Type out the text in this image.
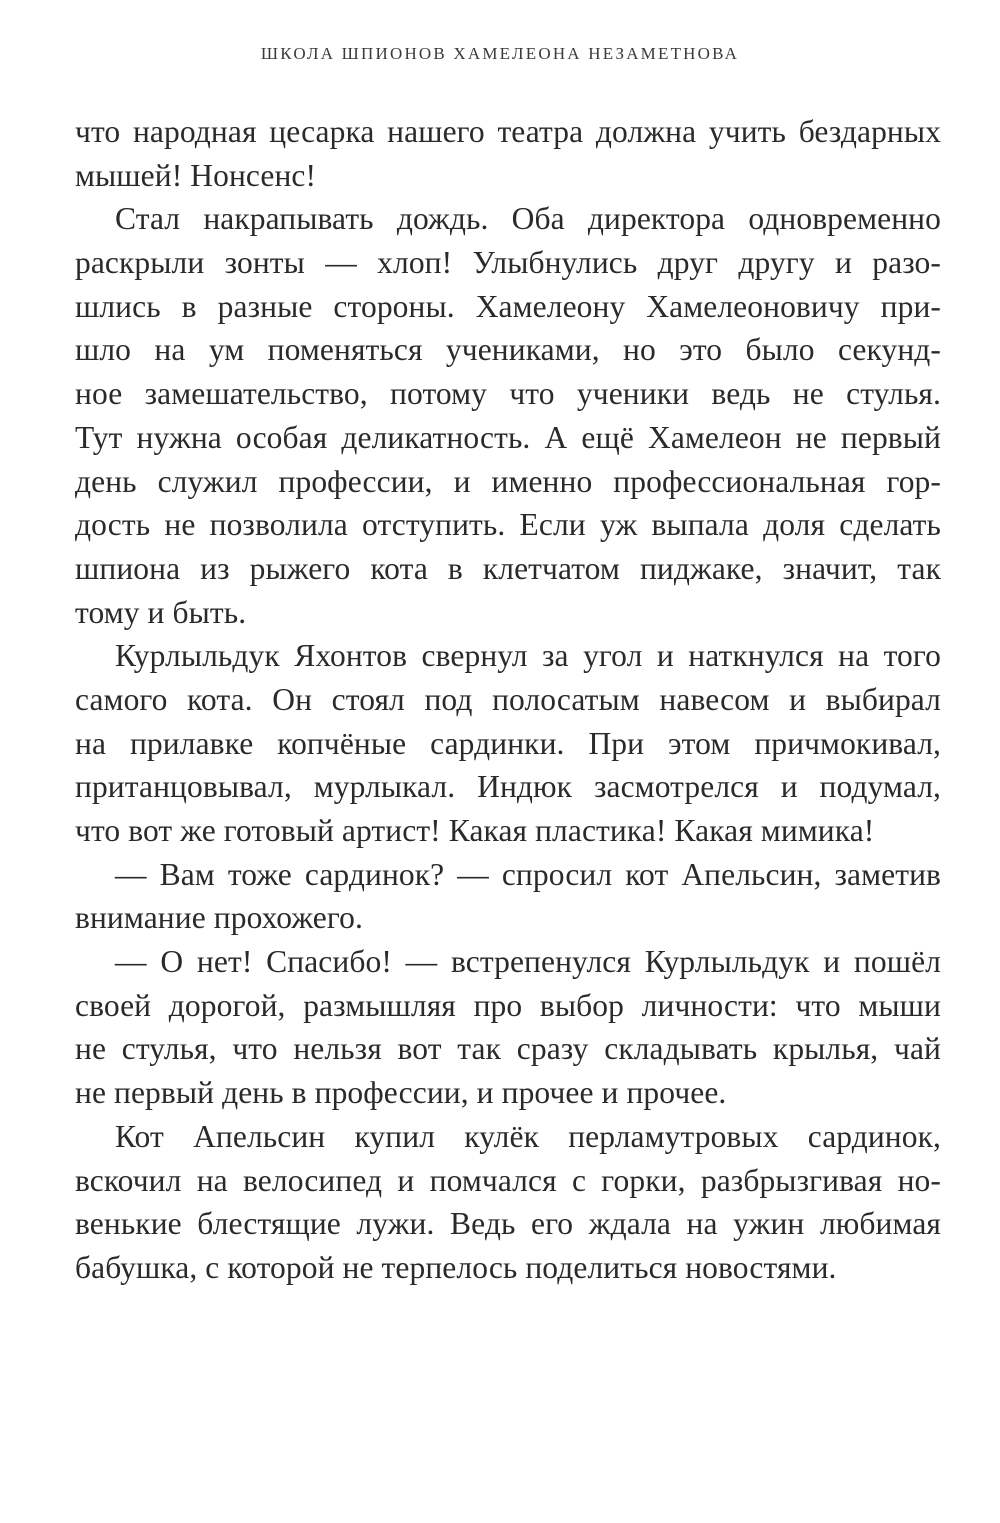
ШКОЛА ШПИОНОВ ХАМЕЛЕОНА НЕЗАМЕТНОВА
что народная цесарка нашего театра должна учить бездарных
мышей! Нонсенс!
Стал накрапывать дождь. Оба директора одновременно
раскрыли зонты — хлоп! Улыбнулись друг другу и разо-
шлись в разные стороны. Хамелеону Хамелеоновичу при-
шло на ум поменяться учениками, но это было секунд-
ное замешательство, потому что ученики ведь не стулья.
Тут нужна особая деликатность. А ещё Хамелеон не первый
день служил профессии, и именно профессиональная гор-
дость не позволила отступить. Если уж выпала доля сделать
шпиона из рыжего кота в клетчатом пиджаке, значит, так
тому и быть.
Курлыльдук Яхонтов свернул за угол и наткнулся на того
самого кота. Он стоял под полосатым навесом и выбирал
на прилавке копчёные сардинки. При этом причмокивал,
пританцовывал, мурлыкал. Индюк засмотрелся и подумал,
что вот же готовый артист! Какая пластика! Какая мимика!
— Вам тоже сардинок? — спросил кот Апельсин, заметив
внимание прохожего.
— О нет! Спасибо! — встрепенулся Курлыльдук и пошёл
своей дорогой, размышляя про выбор личности: что мыши
не стулья, что нельзя вот так сразу складывать крылья, чай
не первый день в профессии, и прочее и прочее.
Кот Апельсин купил кулёк перламутровых сардинок,
вскочил на велосипед и помчался с горки, разбрызгивая но-
венькие блестящие лужи. Ведь его ждала на ужин любимая
бабушка, с которой не терпелось поделиться новостями.
